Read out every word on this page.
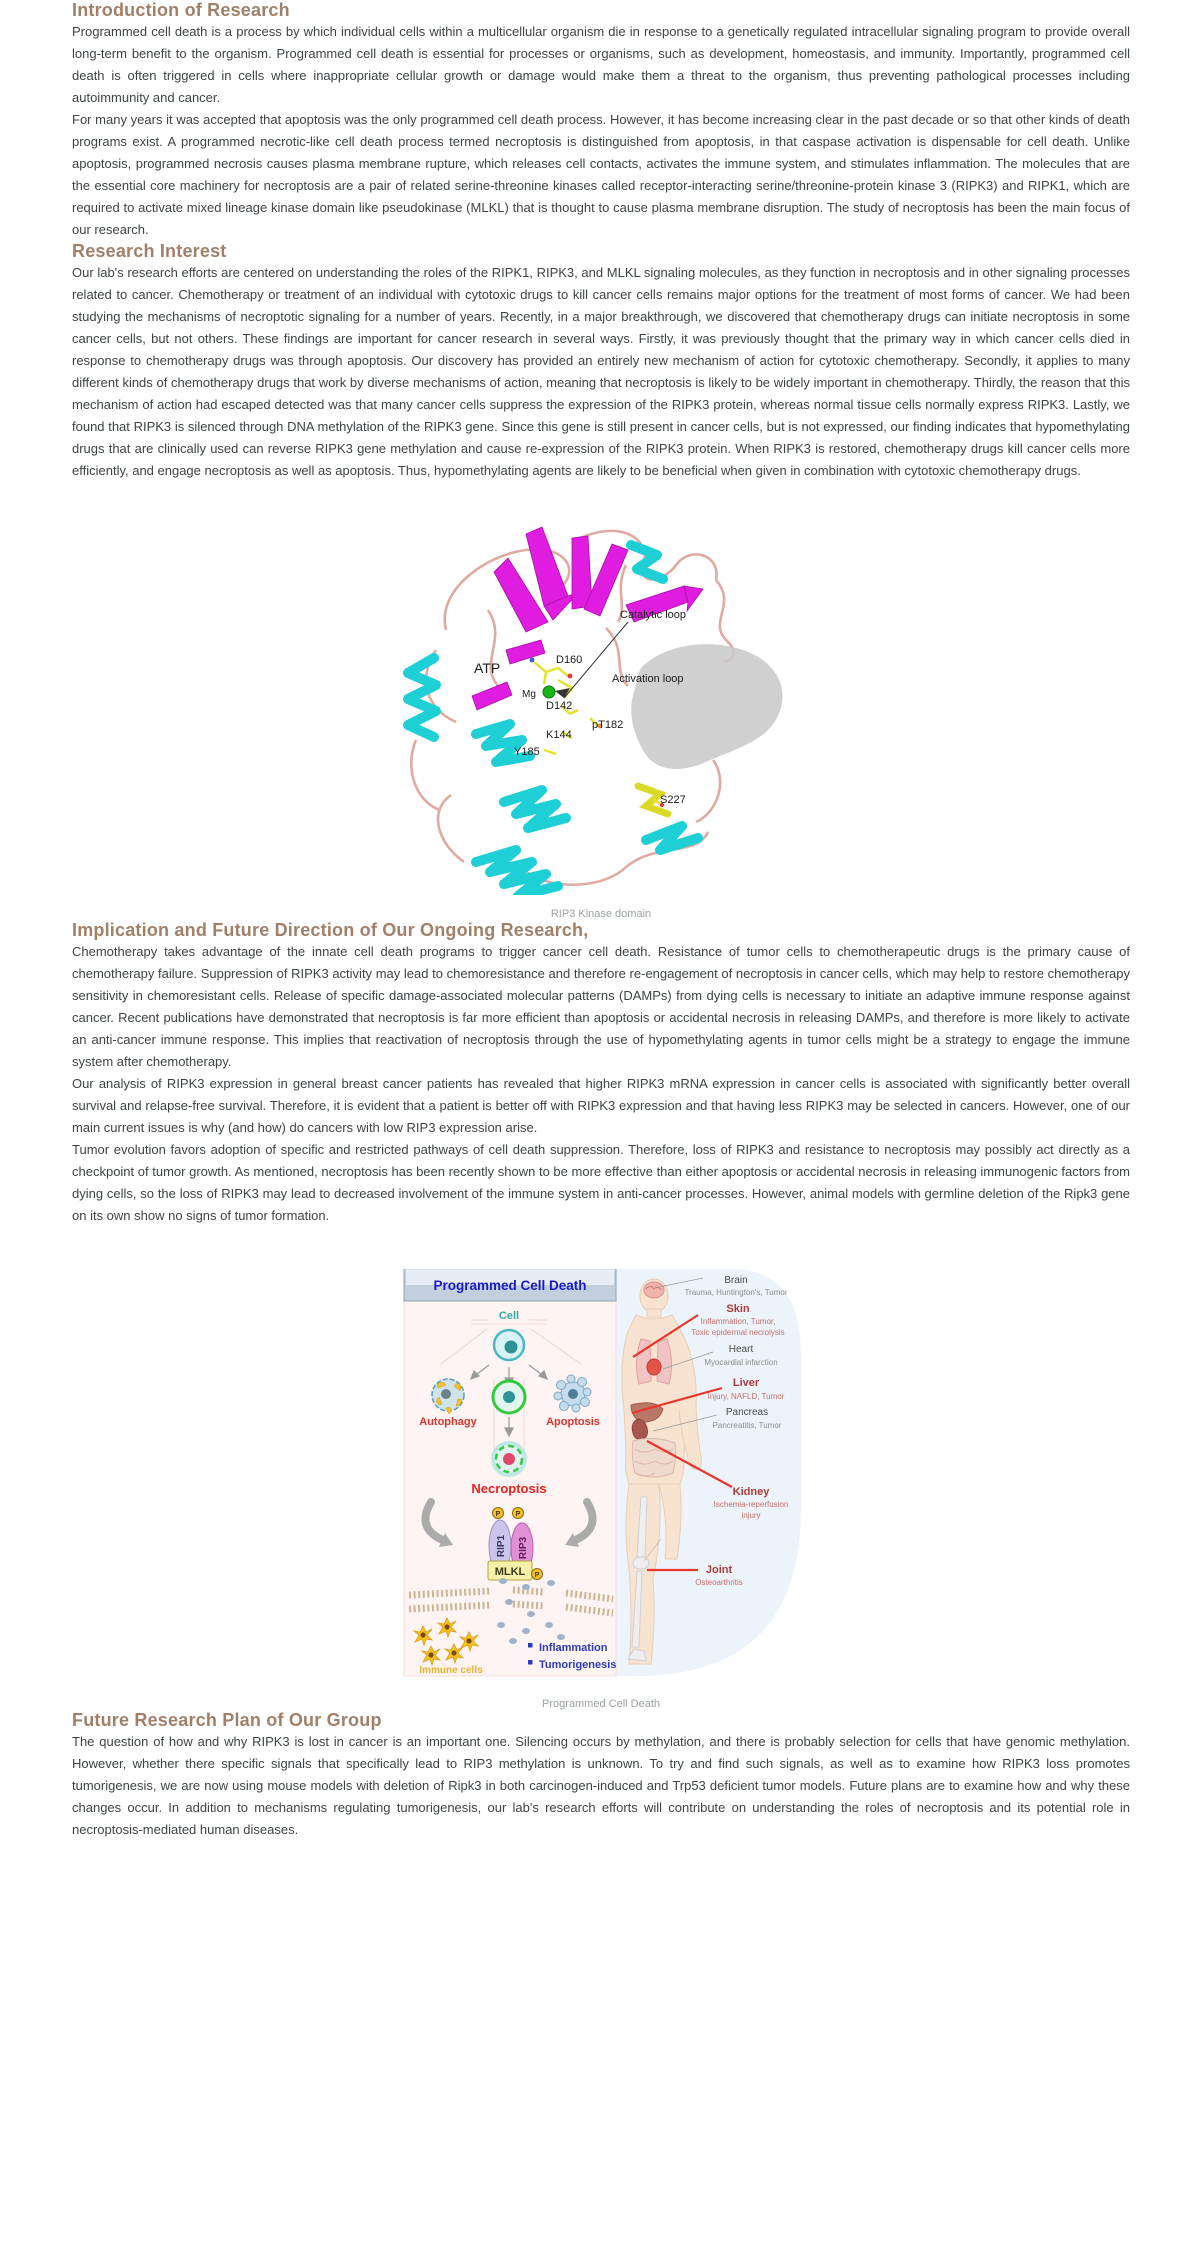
Introduction of Research

Programmed cell death is a process by which individual cells within a multicellular organism die in response to a genetically regulated intracellular signaling program to provide overall long-term benefit to the organism. Programmed cell death is essential for processes or organisms, such as development, homeostasis, and immunity. Importantly, programmed cell death is often triggered in cells where inappropriate cellular growth or damage would make them a threat to the organism, thus preventing pathological processes including autoimmunity and cancer.

For many years it was accepted that apoptosis was the only programmed cell death process. However, it has become increasing clear in the past decade or so that other kinds of death programs exist. A programmed necrotic-like cell death process termed necroptosis is distinguished from apoptosis, in that caspase activation is dispensable for cell death. Unlike apoptosis, programmed necrosis causes plasma membrane rupture, which releases cell contacts, activates the immune system, and stimulates inflammation. The molecules that are the essential core machinery for necroptosis are a pair of related serine-threonine kinases called receptor-interacting serine/threonine-protein kinase 3 (RIPK3) and RIPK1, which are required to activate mixed lineage kinase domain like pseudokinase (MLKL) that is thought to cause plasma membrane disruption. The study of necroptosis has been the main focus of our research.

Research Interest

Our lab's research efforts are centered on understanding the roles of the RIPK1, RIPK3, and MLKL signaling molecules, as they function in necroptosis and in other signaling processes related to cancer. Chemotherapy or treatment of an individual with cytotoxic drugs to kill cancer cells remains major options for the treatment of most forms of cancer. We had been studying the mechanisms of necroptotic signaling for a number of years. Recently, in a major breakthrough, we discovered that chemotherapy drugs can initiate necroptosis in some cancer cells, but not others. These findings are important for cancer research in several ways. Firstly, it was previously thought that the primary way in which cancer cells died in response to chemotherapy drugs was through apoptosis. Our discovery has provided an entirely new mechanism of action for cytotoxic chemotherapy. Secondly, it applies to many different kinds of chemotherapy drugs that work by diverse mechanisms of action, meaning that necroptosis is likely to be widely important in chemotherapy. Thirdly, the reason that this mechanism of action had escaped detected was that many cancer cells suppress the expression of the RIPK3 protein, whereas normal tissue cells normally express RIPK3. Lastly, we found that RIPK3 is silenced through DNA methylation of the RIPK3 gene. Since this gene is still present in cancer cells, but is not expressed, our finding indicates that hypomethylating drugs that are clinically used can reverse RIPK3 gene methylation and cause re-expression of the RIPK3 protein. When RIPK3 is restored, chemotherapy drugs kill cancer cells more efficiently, and engage necroptosis as well as apoptosis. Thus, hypomethylating agents are likely to be beneficial when given in combination with cytotoxic chemotherapy drugs.

Catalytic loop
Activation loop
ATP
Mg
D160
D142
pT182
K144
Y185
S227
RIP3 Kinase domain
Implication and Future Direction of Our Ongoing Research,

Chemotherapy takes advantage of the innate cell death programs to trigger cancer cell death. Resistance of tumor cells to chemotherapeutic drugs is the primary cause of chemotherapy failure. Suppression of RIPK3 activity may lead to chemoresistance and therefore re-engagement of necroptosis in cancer cells, which may help to restore chemotherapy sensitivity in chemoresistant cells. Release of specific damage-associated molecular patterns (DAMPs) from dying cells is necessary to initiate an adaptive immune response against cancer. Recent publications have demonstrated that necroptosis is far more efficient than apoptosis or accidental necrosis in releasing DAMPs, and therefore is more likely to activate an anti-cancer immune response. This implies that reactivation of necroptosis through the use of hypomethylating agents in tumor cells might be a strategy to engage the immune system after chemotherapy.

Our analysis of RIPK3 expression in general breast cancer patients has revealed that higher RIPK3 mRNA expression in cancer cells is associated with significantly better overall survival and relapse-free survival. Therefore, it is evident that a patient is better off with RIPK3 expression and that having less RIPK3 may be selected in cancers. However, one of our main current issues is why (and how) do cancers with low RIP3 expression arise.

Tumor evolution favors adoption of specific and restricted pathways of cell death suppression. Therefore, loss of RIPK3 and resistance to necroptosis may possibly act directly as a checkpoint of tumor growth. As mentioned, necroptosis has been recently shown to be more effective than either apoptosis or accidental necrosis in releasing immunogenic factors from dying cells, so the loss of RIPK3 may lead to decreased involvement of the immune system in anti-cancer processes. However, animal models with germline deletion of the Ripk3 gene on its own show no signs of tumor formation.

Brain
Trauma, Huntington's, Tumor
Skin
Inflammation, Tumor,
Toxic epidermal necrolysis
Heart
Myocardial infarction
Liver
Injury, NAFLD, Tumor
Pancreas
Pancreatitis, Tumor
Kidney
Ischemia-reperfusion
injury
Joint
Osteoarthritis
Programmed Cell Death
Cell
Autophagy	Apoptosis
Necroptosis
P P
RIP1 RIP3
MLKL P
Immune cells
Inflammation
Tumorigenesis
Programmed Cell Death
Future Research Plan of Our Group

The question of how and why RIPK3 is lost in cancer is an important one. Silencing occurs by methylation, and there is probably selection for cells that have genomic methylation. However, whether there specific signals that specifically lead to RIP3 methylation is unknown. To try and find such signals, as well as to examine how RIPK3 loss promotes tumorigenesis, we are now using mouse models with deletion of Ripk3 in both carcinogen-induced and Trp53 deficient tumor models. Future plans are to examine how and why these changes occur. In addition to mechanisms regulating tumorigenesis, our lab's research efforts will contribute on understanding the roles of necroptosis and its potential role in necroptosis-mediated human diseases.
